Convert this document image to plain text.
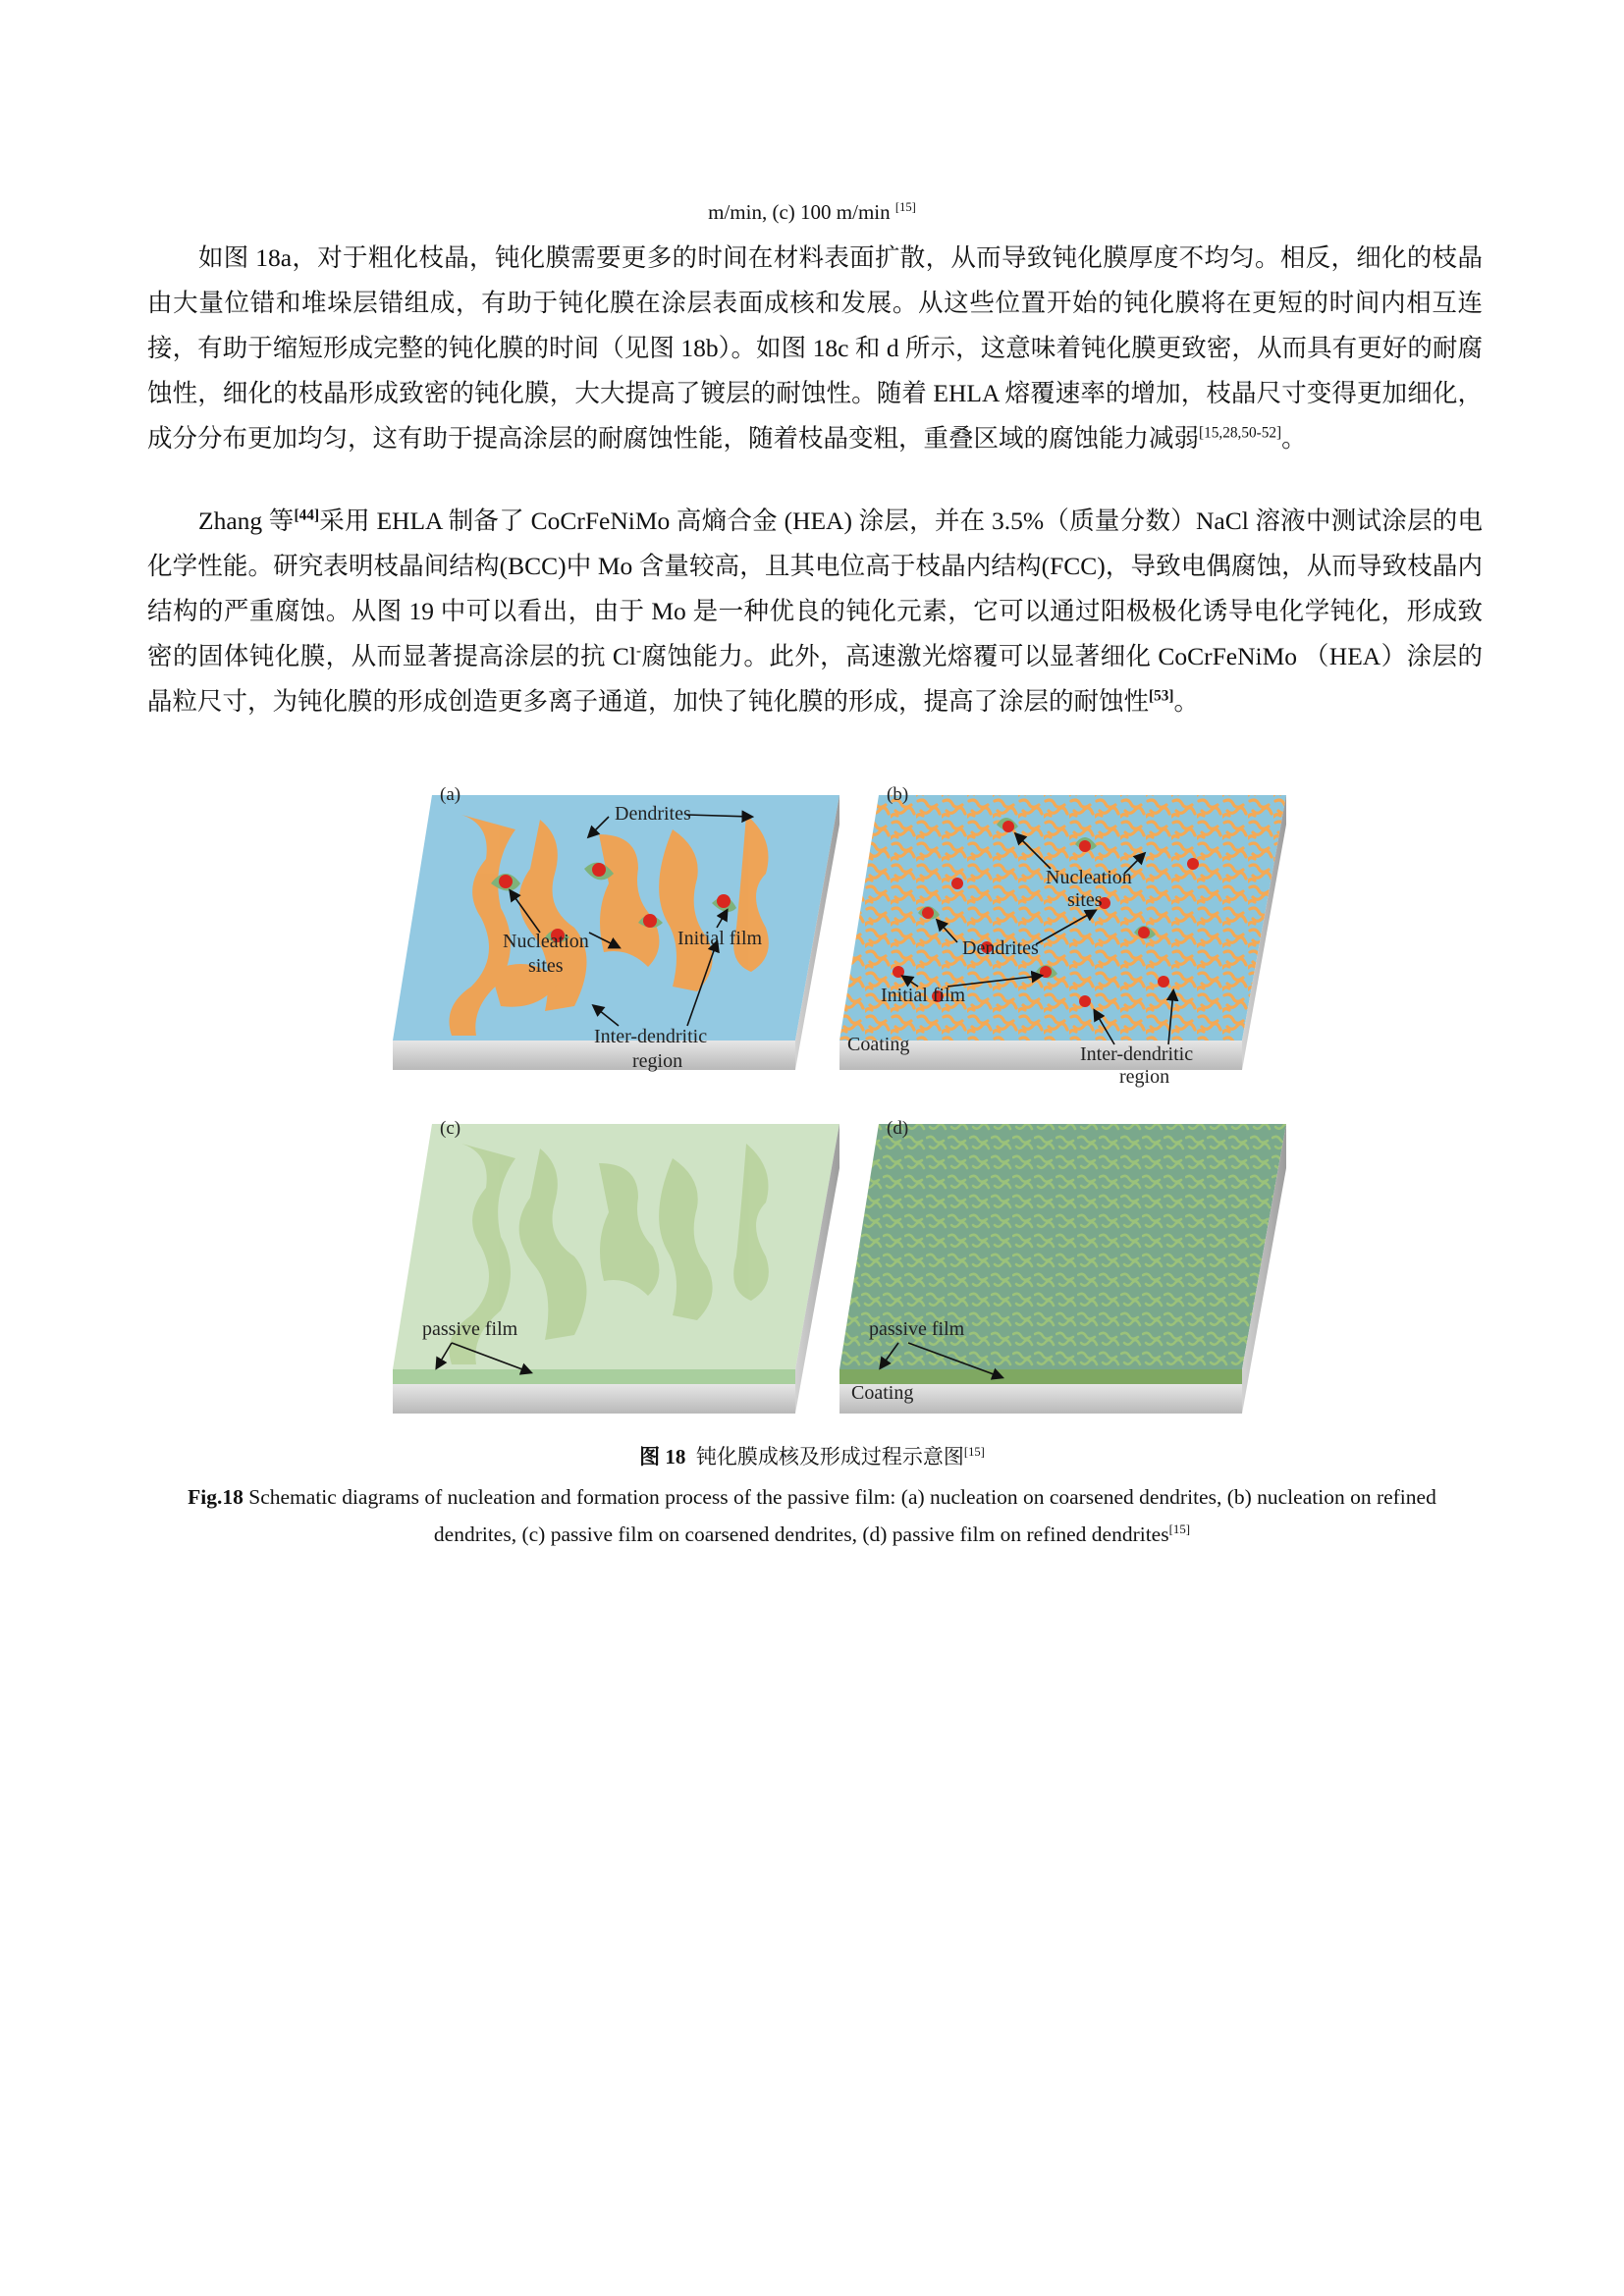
m/min, (c) 100 m/min [15]
如图 18a，对于粗化枝晶，钝化膜需要更多的时间在材料表面扩散，从而导致钝化膜厚度不均匀。相反，细化的枝晶由大量位错和堆垛层错组成，有助于钝化膜在涂层表面成核和发展。从这些位置开始的钝化膜将在更短的时间内相互连接，有助于缩短形成完整的钝化膜的时间（见图 18b）。如图 18c 和 d 所示，这意味着钝化膜更致密，从而具有更好的耐腐蚀性，细化的枝晶形成致密的钝化膜，大大提高了镀层的耐蚀性。随着 EHLA 熔覆速率的增加，枝晶尺寸变得更加细化，成分分布更加均匀，这有助于提高涂层的耐腐蚀性能，随着枝晶变粗，重叠区域的腐蚀能力减弱[15,28,50-52]。
Zhang 等[44]采用 EHLA 制备了 CoCrFeNiMo 高熵合金 (HEA) 涂层，并在 3.5%（质量分数）NaCl 溶液中测试涂层的电化学性能。研究表明枝晶间结构(BCC)中 Mo 含量较高，且其电位高于枝晶内结构(FCC)，导致电偶腐蚀，从而导致枝晶内结构的严重腐蚀。从图 19 中可以看出，由于 Mo 是一种优良的钝化元素，它可以通过阳极极化诱导电化学钝化，形成致密的固体钝化膜，从而显著提高涂层的抗 Cl-腐蚀能力。此外，高速激光熔覆可以显著细化 CoCrFeNiMo （HEA）涂层的晶粒尺寸，为钝化膜的形成创造更多离子通道，加快了钝化膜的形成，提高了涂层的耐蚀性[53]。
(a)
Dendrites
Nucleation
sites
Initial film
Inter-dendritic
region
(b)
Nucleation
sites
Dendrites
Initial film
Coating	Inter-dendritic
region
(c)
passive film
(d)
passive film
Coating
图 18 钝化膜成核及形成过程示意图[15]
Fig.18 Schematic diagrams of nucleation and formation process of the passive film: (a) nucleation on coarsened dendrites, (b) nucleation on refined dendrites, (c) passive film on coarsened dendrites, (d) passive film on refined dendrites[15]
